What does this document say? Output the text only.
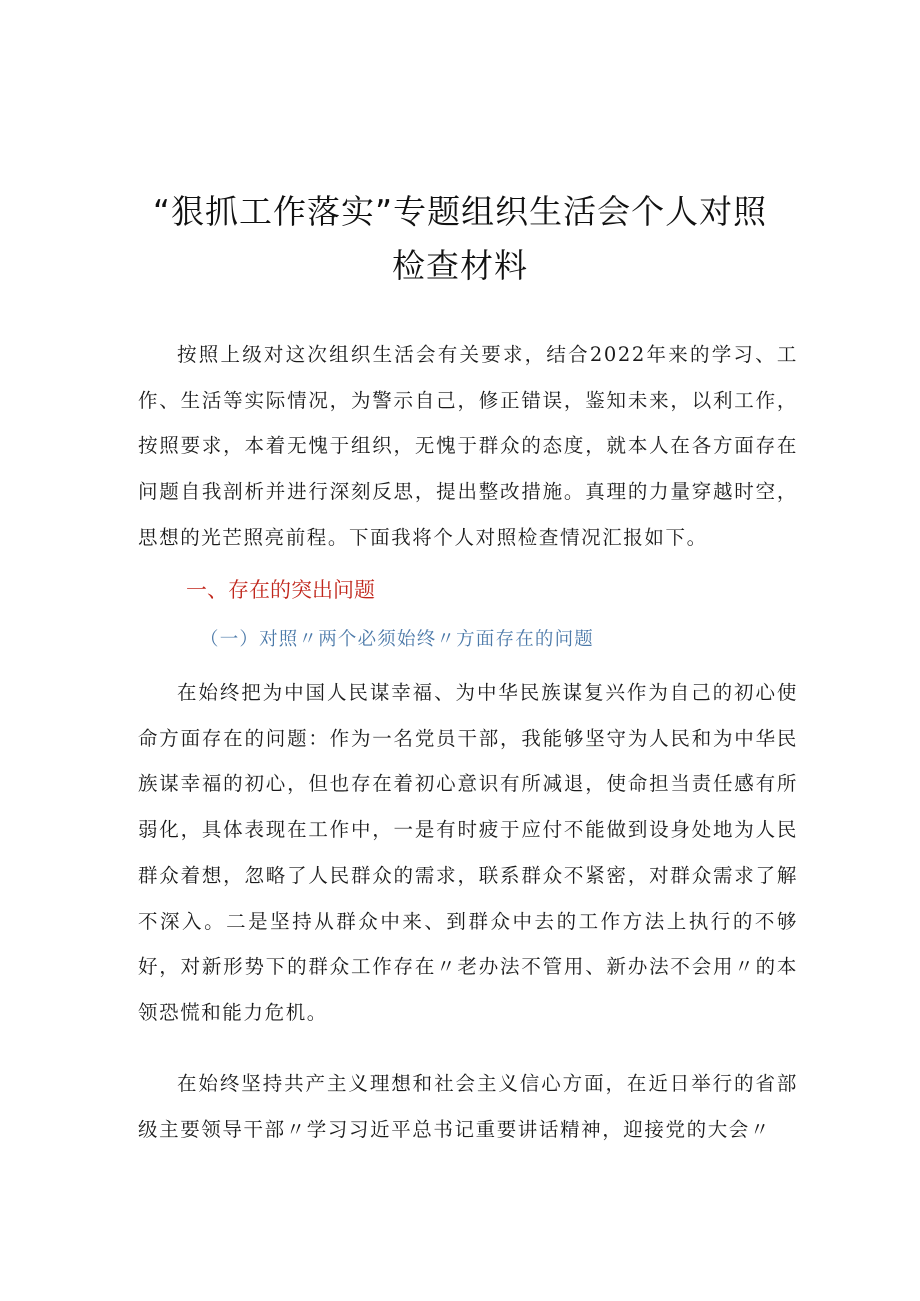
“狠抓工作落实”专题组织生活会个人对照
检查材料

按照上级对这次组织生活会有关要求，结合2022年来的学习、工作、生活等实际情况，为警示自己，修正错误，鉴知未来，以利工作，按照要求，本着无愧于组织，无愧于群众的态度，就本人在各方面存在问题自我剖析并进行深刻反思，提出整改措施。真理的力量穿越时空，思想的光芒照亮前程。下面我将个人对照检查情况汇报如下。

一、存在的突出问题
（一）对照〃两个必须始终〃方面存在的问题

在始终把为中国人民谋幸福、为中华民族谋复兴作为自己的初心使命方面存在的问题：作为一名党员干部，我能够坚守为人民和为中华民族谋幸福的初心，但也存在着初心意识有所减退，使命担当责任感有所弱化，具体表现在工作中，一是有时疲于应付不能做到设身处地为人民群众着想，忽略了人民群众的需求，联系群众不紧密，对群众需求了解不深入。二是坚持从群众中来、到群众中去的工作方法上执行的不够好，对新形势下的群众工作存在〃老办法不管用、新办法不会用〃的本领恐慌和能力危机。

在始终坚持共产主义理想和社会主义信心方面，在近日举行的省部级主要领导干部〃学习习近平总书记重要讲话精神，迎接党的大会〃
